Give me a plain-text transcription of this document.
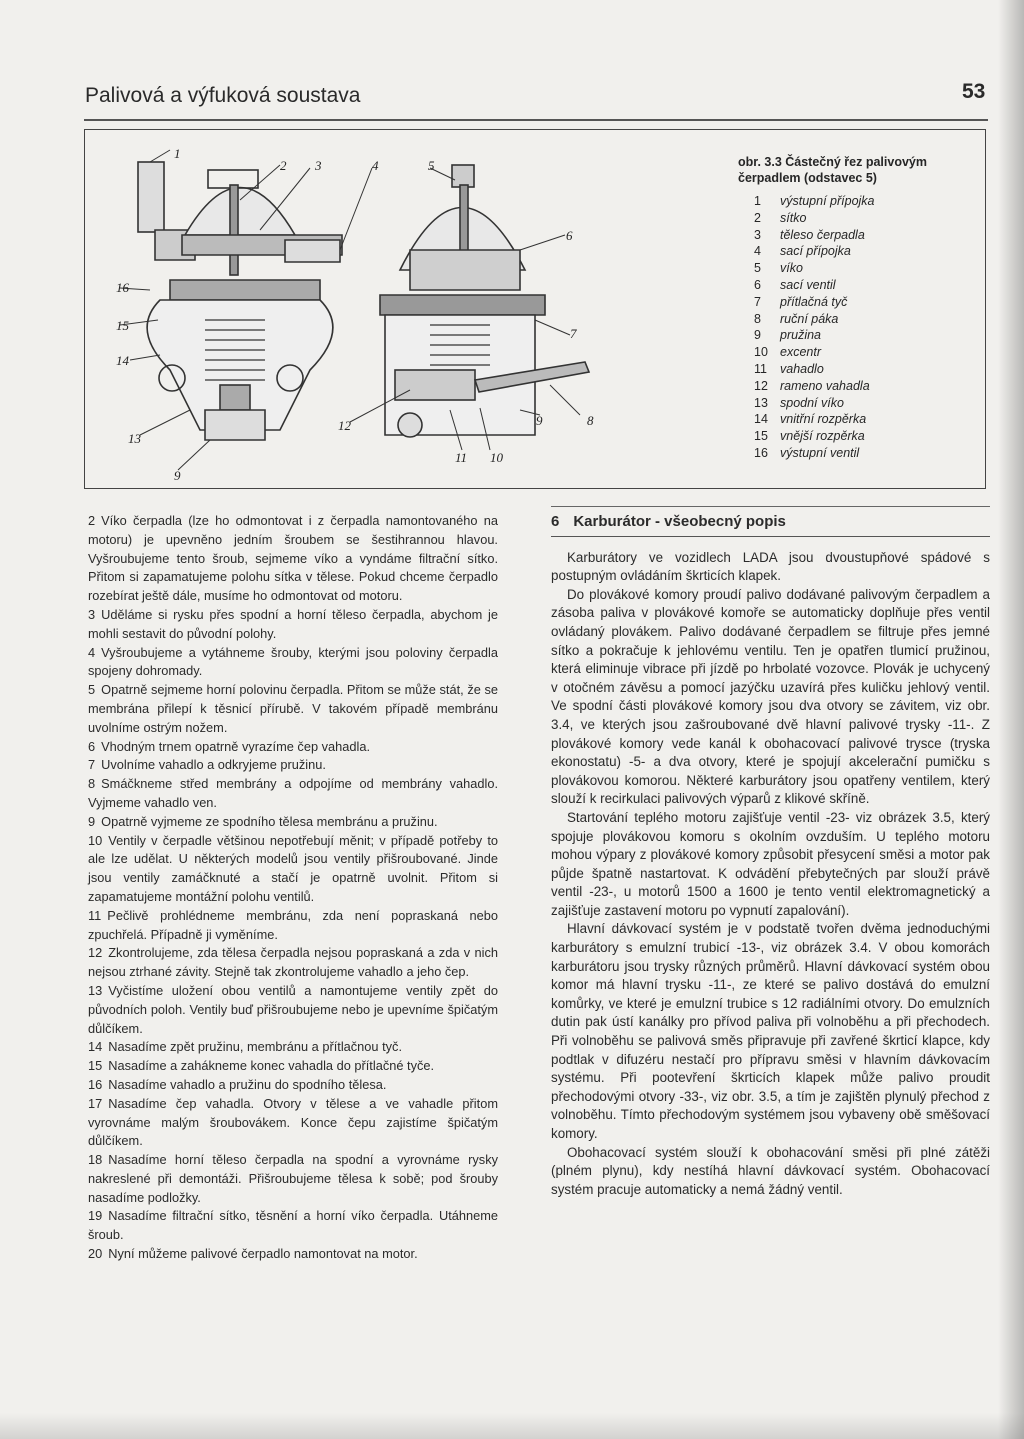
Palivová a výfuková soustava	53
1
2 3	4	5
6
7
8
9
10
11
12
13
14
15
16
9
obr. 3.3 Částečný řez palivovým čerpadlem (odstavec 5)
1	výstupní přípojka
2	sítko
3	těleso čerpadla
4	sací přípojka
5	víko
6	sací ventil
7	přítlačná tyč
8	ruční páka
9	pružina
10 excentr
11	vahadlo
12 rameno vahadla
13 spodní víko
14 vnitřní rozpěrka
15 vnější rozpěrka
16 výstupní ventil

2 Víko čerpadla (lze ho odmontovat i z čerpadla namontovaného na motoru) je upevněno jedním šroubem se šestihrannou hlavou. Vyšroubujeme tento šroub, sejmeme víko a vyndáme filtrační sítko. Přitom si zapamatujeme polohu sítka v tělese. Pokud chceme čerpadlo rozebírat ještě dále, musíme ho odmontovat od motoru.

3 Uděláme si rysku přes spodní a horní těleso čerpadla, abychom je mohli sestavit do původní polohy.

4 Vyšroubujeme a vytáhneme šrouby, kterými jsou poloviny čerpadla spojeny dohromady.

5 Opatrně sejmeme horní polovinu čerpadla. Přitom se může stát, že se membrána přilepí k těsnicí přírubě. V takovém případě membránu uvolníme ostrým nožem.

6 Vhodným trnem opatrně vyrazíme čep vahadla.

7 Uvolníme vahadlo a odkryjeme pružinu.

8 Smáčkneme střed membrány a odpojíme od membrány vahadlo. Vyjmeme vahadlo ven.

9 Opatrně vyjmeme ze spodního tělesa membránu a pružinu.

10 Ventily v čerpadle většinou nepotřebují měnit; v případě potřeby to ale lze udělat. U některých modelů jsou ventily přišroubované. Jinde jsou ventily zamáčknuté a stačí je opatrně uvolnit. Přitom si zapamatujeme montážní polohu ventilů.

11 Pečlivě prohlédneme membránu, zda není popraskaná nebo zpuchřelá. Případně ji vyměníme.

12 Zkontrolujeme, zda tělesa čerpadla nejsou popraskaná a zda v nich nejsou ztrhané závity. Stejně tak zkontrolujeme vahadlo a jeho čep.

13 Vyčistíme uložení obou ventilů a namontujeme ventily zpět do původních poloh. Ventily buď přišroubujeme nebo je upevníme špičatým důlčíkem.

14 Nasadíme zpět pružinu, membránu a přítlačnou tyč.

15 Nasadíme a zaháknemе konec vahadla do přítlačné tyče.

16 Nasadíme vahadlo a pružinu do spodního tělesa.

17 Nasadíme čep vahadla. Otvory v tělese a ve vahadle přitom vyrovnáme malým šroubovákem. Konce čepu zajistíme špičatým důlčíkem.

18 Nasadíme horní těleso čerpadla na spodní a vyrovnáme rysky nakreslené při demontáži. Přišroubujeme tělesa k sobě; pod šrouby nasadíme podložky.

19 Nasadíme filtrační sítko, těsnění a horní víko čerpadla. Utáhneme šroub.

20 Nyní můžeme palivové čerpadlo namontovat na motor.

6 Karburátor - všeobecný popis

Karburátory ve vozidlech LADA jsou dvoustupňové spádové s postupným ovládáním škrticích klapek.

Do plovákové komory proudí palivo dodávané palivovým čerpadlem a zásoba paliva v plovákové komoře se automaticky doplňuje přes ventil ovládaný plovákem. Palivo dodávané čerpadlem se filtruje přes jemné sítko a pokračuje k jehlovému ventilu. Ten je opatřen tlumicí pružinou, která eliminuje vibrace při jízdě po hrbolaté vozovce. Plovák je uchycený v otočném závěsu a pomocí jazýčku uzavírá přes kuličku jehlový ventil. Ve spodní části plovákové komory jsou dva otvory se závitem, viz obr. 3.4, ve kterých jsou zašroubované dvě hlavní palivové trysky -11-. Z plovákové komory vede kanál k obohacovací palivové trysce (tryska ekonostatu) -5- a dva otvory, které je spojují akcelerační pumičku s plovákovou komorou. Některé karburátory jsou opatřeny ventilem, který slouží k recirkulaci palivových výparů z klikové skříně.

Startování teplého motoru zajišťuje ventil -23- viz obrázek 3.5, který spojuje plovákovou komoru s okolním ovzduším. U teplého motoru mohou výpary z plovákové komory způsobit přesycení směsi a motor pak půjde špatně nastartovat. K odvádění přebytečných par slouží právě ventil -23-, u motorů 1500 a 1600 je tento ventil elektromagnetický a zajišťuje zastavení motoru po vypnutí zapalování).

Hlavní dávkovací systém je v podstatě tvořen dvěma jednoduchými karburátory s emulzní trubicí -13-, viz obrázek 3.4. V obou komorách karburátoru jsou trysky různých průměrů. Hlavní dávkovací systém obou komor má hlavní trysku -11-, ze které se palivo dostává do emulzní komůrky, ve které je emulzní trubice s 12 radiálními otvory. Do emulzních dutin pak ústí kanálky pro přívod paliva při volnoběhu a při přechodech. Při volnoběhu se palivová směs připravuje při zavřené škrticí klapce, kdy podtlak v difuzéru nestačí pro přípravu směsi v hlavním dávkovacím systému. Při pootevření škrticích klapek může palivo proudit přechodovými otvory -33-, viz obr. 3.5, a tím je zajištěn plynulý přechod z volnoběhu. Tímto přechodovým systémem jsou vybaveny obě směšovací komory.

Obohacovací systém slouží k obohacování směsi při plné zátěži (plném plynu), kdy nestíhá hlavní dávkovací systém. Obohacovací systém pracuje automaticky a nemá žádný ventil.
